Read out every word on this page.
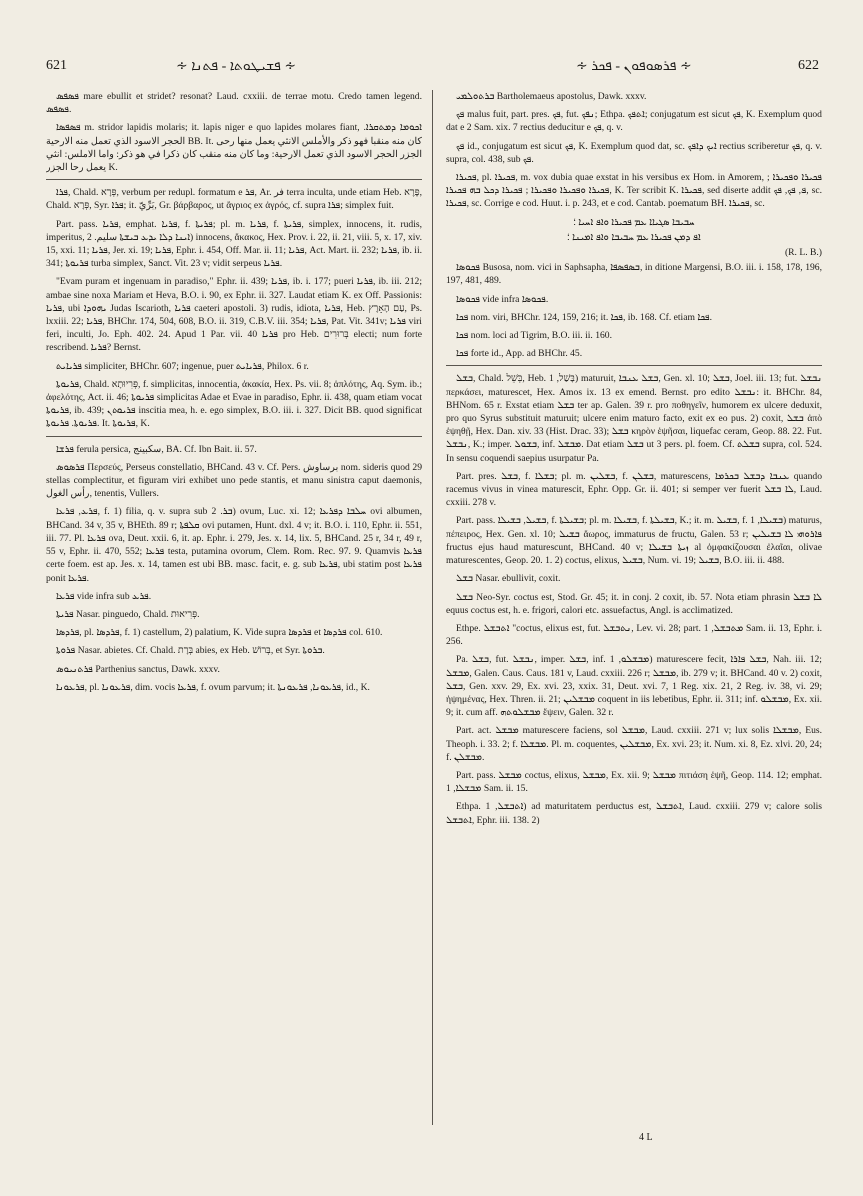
621	∻ ܦܫܝܛܘܬܐ - ܦܬܢܐ ∻	∻ ܦܪܣܘܦܘܢ - ܦܟܪ ∻	622

ܦܣܦܣ mare ebullit et stridet? resonat? Laud. cxxiii. de terrae motu. Credo tamen legend. ܦܣܦܣ.

ܦܣܦܣܐ m. stridor lapidis molaris; it. lapis niger e quo lapides molares fiant, ܐܟܘܡܐ ܕܡܬܩܪܐ. الحجر الاسود الذي تعمل منه الارحية BB. It. كان منه منقبا فهو ذكر والأملس الانثي يعمل منها رحى الجزر الحجر الاسود الذي تعمل الارحية: وما كان منه منقب كان ذكرا في هو ذكر: واما الاملس: انثي يعمل رحا الجزر K.

ܦܪܐ, Chald. פְּרָא, verbum per redupl. formatum e ܦܪ, Ar. فر terra inculta, unde etiam Heb. פֶּרֶא, Chald. פְּרָא, Syr. ܦܪܐ; it. بَرِّيّ, Gr. βάρβαρος, ut ἄγριος ex ἀγρός, cf. supra ܦܪܐ; simplex fuit.

Part. pass. ܦܪܝܐ, emphat. ܦܪܝܐ, f. ܦܪܝܬܐ; pl. m. ܦܪܝܐ, f. ܦܪܝܬܐ, simplex, innocens, it. rudis, imperitus, ܐܝܢܐ ܕܠܐ ܝܕܥ ܒܝܫܬܐ سليم. 2) innocens, ἄκακος, Hex. Prov. i. 22, ii. 21, viii. 5, x. 17, xiv. 15, xxi. 11; ܦܪܝܐ, Jer. xi. 19; ܦܪܝܐ, Ephr. i. 454, Off. Mar. ii. 11; ܦܪܝܐ, Act. Mart. ii. 232; ܦܪܝܐ, ib. ii. 341; ܦܪܝܘܬܐ turba simplex, Sanct. Vit. 23 v; vidit serpeus ܦܪܝܐ.

"Evam puram et ingenuam in paradiso," Ephr. ii. 439; ܦܪܝܐ, ib. i. 177; pueri ܦܪܝܐ, ib. iii. 212; ambae sine noxa Mariam et Heva, B.O. i. 90, ex Ephr. ii. 327. Laudat etiam K. ex Off. Passionis: ܦܪܝܐ, ubi ܝܗܘܕܐ Judas Iscarioth, ܦܪܝܐ caeteri apostoli. 3) rudis, idiota, ܦܪܝܐ, Heb. עַם הָאָרֶץ, Ps. lxxiii. 22; ܦܪܝܐ, BHChr. 174, 504, 608, B.O. ii. 319, C.B.V. iii. 354; ܦܪܝܐ, Pat. Vit. 341v; ܦܪܝܐ viri feri, inculti, Jo. Eph. 402. 24. Apud 1 Par. vii. 40 ܦܪܝܐ pro Heb. בְּרוּרִים electi; num forte rescribend. ܦܪܝܐ? Bernst.

ܦܪܝܐܝܬ simpliciter, BHChr. 607; ingenue, puer ܦܪܝܐܝܬ, Philox. 6 r.

ܦܪܝܘܬܐ, Chald. פְּרִיוּתָא, f. simplicitas, innocentia, ἀκακία, Hex. Ps. vii. 8; ἁπλότης, Aq. Sym. ib.; ἀφελότης, Act. ii. 46; ܦܪܝܘܬܐ simplicitas Adae et Evae in paradiso, Ephr. ii. 438, quam etiam vocat ܦܪܝܘܬܐ, ib. 439; ܦܪܝܘܬܢ inscitia mea, h. e. ego simplex, B.O. iii. i. 327. Dicit BB. quod significat ܦܪܝܘܬܐ. ܦܪܝܘܬܐ. It. ܦܪܝܘܬܐ, K.

ܦܪܫܐ ferula persica, سكبينج, BA. Cf. Ibn Bait. ii. 57.

ܦܪܣܘܣ Περσεύς, Perseus constellatio, BHCand. 43 v. Cf. Pers. برساوش nom. sideris quod 29 stellas complectitur, et figuram viri exhibet uno pede stantis, et manu sinistra caput daemonis, رأس الغول, tenentis, Vullers.

ܦܪܥ, ܦܪܥܐ, f. 1) filia, q. v. supra sub ܒܪ. 2) ovum, Luc. xi. 12; ܚܠܒܐ ܕܦܪܥܐ ovi albumen, BHCand. 34 v, 35 v, BHEth. 89 r; ܩܠܦܬܐ ovi putamen, Hunt. dxl. 4 v; it. B.O. i. 110, Ephr. ii. 551, iii. 77. Pl. ܦܪܥܐ ova, Deut. xxii. 6, it. ap. Ephr. i. 279, Jes. x. 14, lix. 5, BHCand. 25 r, 34 r, 49 r, 55 v, Ephr. ii. 470, 552; ܦܪܥܐ testa, putamina ovorum, Clem. Rom. Rec. 97. 9. Quamvis ܦܪܥܐ certe foem. est ap. Jes. x. 14, tamen est ubi BB. masc. facit, e. g. sub ܦܪܥܐ, ubi statim post ܦܪܥܐ ponit ܦܪܥܐ.

ܦܪܥܐ vide infra sub ܦܪܥ.

ܦܪܝܬܐ Nasar. pinguedo, Chald. פְּרִיאוּת.

ܦܪܕܣܐ, pl. ܦܪܕܣܐ, f. 1) castellum, 2) palatium, K. Vide supra ܦܪܕܣܐ et ܦܪܕܣܐ col. 610.

ܦܪܘܬܐ Nasar. abietes. Cf. Chald. בְּרָת abies, ex Heb. בְּרוֹשׁ, et Syr. ܒܪܘܬܐ.

ܦܪܬܢܝܘܣ Parthenius sanctus, Dawk. xxxv.

ܦܪܥܘܢܐ, pl. ܦܪܥܘܢܐ, dim. vocis ܦܪܥܐ, f. ovum parvum; it. ܦܪܥܘܢܐ, ܦܪܥܘܢܬܐ, id., K.

ܒܪܬܘܠܡܝ Bartholemaeus apostolus, Dawk. xxxv.

ܦܟ malus fuit, part. pres. ܦܟ, fut. ܢܦܟ; Ethpa. ܐܬܦܟ; conjugatum est sicut ܦܟ, K. Exemplum quod dat e 2 Sam. xix. 7 rectius deducitur e ܦܟ, q. v.

ܦܟ id., conjugatum est sicut ܦܟ, K. Exemplum quod dat, sc. ܐܝܟ ܕܐܦܟ rectius scriberetur ܦܟ, q. v. supra, col. 438, sub ܦܟ.

ܦܟܝܪܐ, pl. ܦܟܝܪܐ, m. vox dubia quae exstat in his versibus ex Hom. in Amorem, ܦܟܝܪܐ ܘܦܟܝܪܐ ; ܦܟܝܪܐ ܘܦܟܝܪܐ ܘܦܟܝܪܐ ; ܦܟܝܪܐ ܕܟܠ ܒܗ ܦܟܝܪܐ, K. Ter scribit K. ܦܟܝܪܐ, sed diserte addit ܦ, ܦܟ, ܦܟ, sc. ܦܟܝܪܐ, sc. Corrige e cod. Huut. i. p. 243, et e cod. Cantab. poematum BH. ܦܟܝܪܐ, sc.

ܚܒܝܒܐ ܣܓܝܐܐ ܥܡ ܦܟܝܪܐ ܘܐܦ ܐܚܝܐ ؛

ܐܦ ܕܡܢ ܦܟܝܪܐ ܥܡ ܚܒܝܒܐ ܘܐܦ ܐܡܝܢܐ ؛

(R. L. B.)

ܦܟܘܣܐ Busosa, nom. vici in Saphsapha, ܒܣܦܣܦܐ, in ditione Margensi, B.O. iii. i. 158, 178, 196, 197, 481, 489.

ܦܟܘܣܐ vide infra ܦܟܘܣܐ.

ܦܟܐ nom. viri, BHChr. 124, 159, 216; it. ܦܟܐ, ib. 168. Cf. etiam ܦܟܐ.

ܦܟܐ nom. loci ad Tigrim, B.O. iii. ii. 160.

ܦܟܐ forte id., App. ad BHChr. 45.

ܒܫܠ, Chald. בְּשֵׁל, Heb. בָּשַׁל, 1) maturuit, ܒܫܠ ܥܢܒܐ, Gen. xl. 10; ܒܫܠ, Joel. iii. 13; fut. ܢܒܫܠ περκάσει, maturescet, Hex. Amos ix. 13 ex emend. Bernst. pro edito ܢܒܫܠ: it. BHChr. 84, BHNom. 65 r. Exstat etiam ܒܫܠ ter ap. Galen. 39 r. pro ποθηγεῖν, humorem ex ulcere deduxit, pro quo Syrus substituit maturuit; ulcere enim maturo facto, exit ex eo pus. 2) coxit, ܒܫܠ ἀπὸ ἑψηθῇ, Hex. Dan. xiv. 33 (Hist. Drac. 33); ܒܫܠ κηρὸν ἑψῆσαι, liquefac ceram, Geop. 88. 22. Fut. ܢܒܫܠ, K.; imper. ܒܫܘܠ, inf. ܡܒܫܠ. Dat etiam ܒܫܠ ut 3 pers. pl. foem. Cf. ܒܫܠܬ supra, col. 524. In sensu coquendi saepius usurpatur Pa.

Part. pres. ܒܫܠ, f. ܒܫܠܐ; pl. m. ܒܫܠܝܢ, f. ܒܫܠܢ, maturescens, ܥܢܒܐ ܕܒܫܠ ܒܟܪܡܐ quando racemus vivus in vinea maturescit, Ephr. Opp. Gr. ii. 401; si semper ver fuerit ܠܐ ܒܫܠ, Laud. cxxiii. 278 v.

Part. pass. ܒܫܝܠ, ܒܫܝܠܐ, f. ܒܫܝܠܬܐ; pl. m. ܒܫܝܠܐ, f. ܒܫܝܠܬܐ, K.; it. m. ܒܫܝܠ, f. ܒܫܝܠܐ, 1) maturus, πέπειρος, Hex. Gen. xl. 10; ܒܫܝܠ ἄωρος, immaturus de fructu, Galen. 53 r; ܦܐܪܘܗܝ ܠܐ ܒܫܝܠܝܢ fructus ejus haud maturescunt, BHCand. 40 v; ܙܝܬܐ ܒܫܝܠܐ al ὀμφακίζουσαι ἐλαῖαι, olivae maturescentes, Geop. 20. 1. 2) coctus, elixus, ܒܫܝܠ, Num. vi. 19; ܒܫܝܠ, B.O. iii. ii. 488.

ܒܫܠ Nasar. ebullivit, coxit.

ܒܫܠ Neo-Syr. coctus est, Stod. Gr. 45; it. in conj. 2 coxit, ib. 57. Nota etiam phrasin ܠܐ ܒܫܠ equus coctus est, h. e. frigori, calori etc. assuefactus, Angl. is acclimatized.

Ethpe. ܐܬܒܫܠ "coctus, elixus est, fut. ܢܬܒܫܠ, Lev. vi. 28; part. ܡܬܒܫܠ, 1 Sam. ii. 13, Ephr. i. 256.

Pa. ܒܫܠ, fut. ܢܒܫܠ, imper. ܒܫܠ, inf. ܡܒܫܠܘ, 1) maturescere fecit, ܒܫܠ ܦܐܪܐ, Nah. iii. 12; ܡܒܫܠ, Galen. Caus. Caus. 181 v, Laud. cxxiii. 226 r; ܡܒܫܠ, ib. 279 v; it. BHCand. 40 v. 2) coxit, ܒܫܠ, Gen. xxv. 29, Ex. xvi. 23, xxix. 31, Deut. xvi. 7, 1 Reg. xix. 21, 2 Reg. iv. 38, vi. 29; ἡψημένας, Hex. Thren. ii. 21; ܡܒܫܠܝܢ coquent in iis lebetibus, Ephr. ii. 311; inf. ܡܒܫܠܘ, Ex. xii. 9; it. cum aff. ܡܒܫܠܘܬܗ ἕψειν, Galen. 32 r.

Part. act. ܡܒܫܠ maturescere faciens, sol ܡܒܫܠ, Laud. cxxiii. 271 v; lux solis ܡܒܫܠܐ, Eus. Theoph. i. 33. 2; f. ܡܒܫܠܐ. Pl. m. coquentes, ܡܒܫܠܝܢ, Ex. xvi. 23; it. Num. xi. 8, Ez. xlvi. 20, 24; f. ܡܒܫܠܢ.

Part. pass. ܡܒܫܠ coctus, elixus, ܡܒܫܠ, Ex. xii. 9; ܡܒܫܠ πιτιάση ἑψῆ, Geop. 114. 12; emphat. ܡܒܫܠܐ, 1 Sam. ii. 15.

Ethpa. ܐܬܒܫܠ, 1) ad maturitatem perductus est, ܐܬܒܫܠ, Laud. cxxiii. 279 v; calore solis ܐܬܒܫܠ, Ephr. iii. 138. 2)

4 L
